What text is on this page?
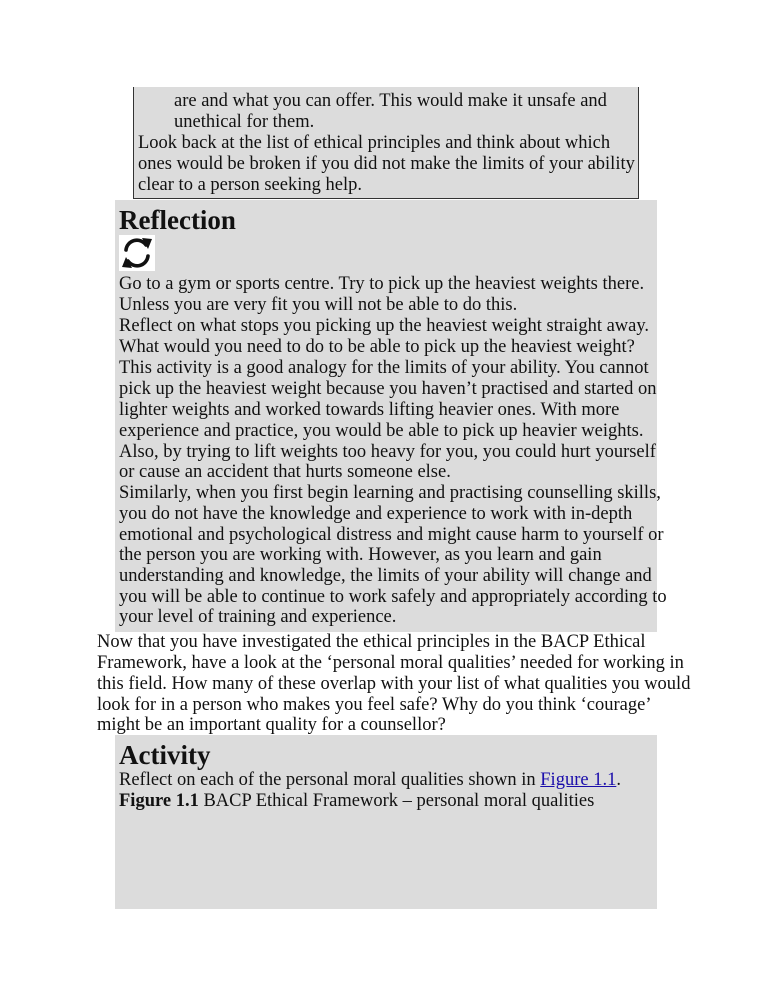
are and what you can offer. This would make it unsafe and
unethical for them.
Look back at the list of ethical principles and think about which
ones would be broken if you did not make the limits of your ability
clear to a person seeking help.
Reflection
Go to a gym or sports centre. Try to pick up the heaviest weights there.
Unless you are very fit you will not be able to do this.
Reflect on what stops you picking up the heaviest weight straight away.
What would you need to do to be able to pick up the heaviest weight?
This activity is a good analogy for the limits of your ability. You cannot
pick up the heaviest weight because you haven’t practised and started on
lighter weights and worked towards lifting heavier ones. With more
experience and practice, you would be able to pick up heavier weights.
Also, by trying to lift weights too heavy for you, you could hurt yourself
or cause an accident that hurts someone else.
Similarly, when you first begin learning and practising counselling skills,
you do not have the knowledge and experience to work with in-depth
emotional and psychological distress and might cause harm to yourself or
the person you are working with. However, as you learn and gain
understanding and knowledge, the limits of your ability will change and
you will be able to continue to work safely and appropriately according to
your level of training and experience.
Now that you have investigated the ethical principles in the BACP Ethical
Framework, have a look at the ‘personal moral qualities’ needed for working in
this field. How many of these overlap with your list of what qualities you would
look for in a person who makes you feel safe? Why do you think ‘courage’
might be an important quality for a counsellor?
Activity
Reflect on each of the personal moral qualities shown in Figure 1.1.
Figure 1.1 BACP Ethical Framework – personal moral qualities
